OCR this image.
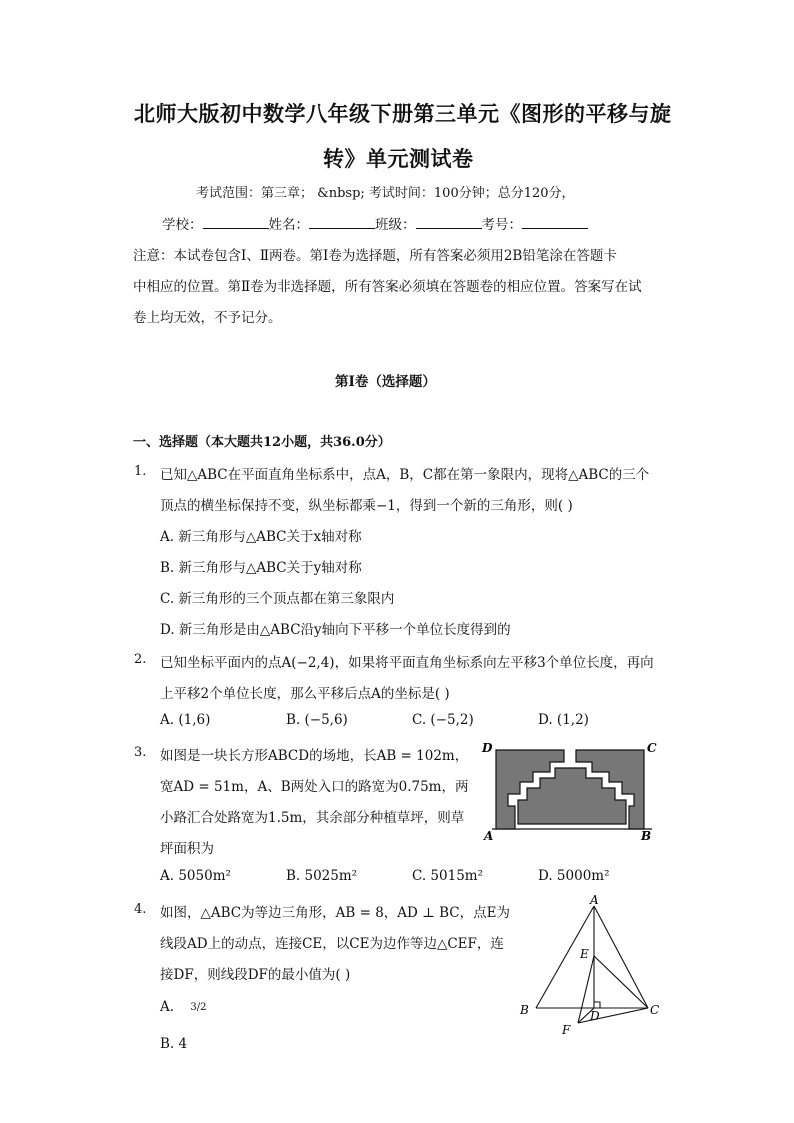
北师大版初中数学八年级下册第三单元《图形的平移与旋
转》单元测试卷
考试范围：第三章； &nbsp; 考试时间：100分钟；总分120分，
学校：	姓名：	班级：	考号：
注意：本试卷包含Ⅰ、Ⅱ两卷。第Ⅰ卷为选择题，所有答案必须用2B铅笔涂在答题卡
中相应的位置。第Ⅱ卷为非选择题，所有答案必须填在答题卷的相应位置。答案写在试
卷上均无效，不予记分。
第Ⅰ卷（选择题）
一、选择题（本大题共12小题，共36.0分）
1. 已知△ABC在平面直角坐标系中，点A，B，C都在第一象限内，现将△ABC的三个
顶点的横坐标保持不变，纵坐标都乘−1，得到一个新的三角形，则( )
A. 新三角形与△ABC关于x轴对称
B. 新三角形与△ABC关于y轴对称
C. 新三角形的三个顶点都在第三象限内
D. 新三角形是由△ABC沿y轴向下平移一个单位长度得到的
2. 已知坐标平面内的点A(−2,4)，如果将平面直角坐标系向左平移3个单位长度，再向
上平移2个单位长度，那么平移后点A的坐标是( )
A. (1,6)	B. (−5,6)	C. (−5,2)	D. (1,2)
3. 如图是一块长方形ABCD的场地，长AB = 102m，
宽AD = 51m，A、B两处入口的路宽为0.75m，两
小路汇合处路宽为1.5m，其余部分种植草坪，则草
坪面积为
A. 5050m²	B. 5025m²	C. 5015m²	D. 5000m²
D	C
A	B
4. 如图，△ABC为等边三角形，AB = 8，AD ⊥ BC，点E为
线段AD上的动点，连接CE，以CE为边作等边△CEF，连
接DF，则线段DF的最小值为( )
A. 3/2
B. 4
A
E
B	D	C
F
